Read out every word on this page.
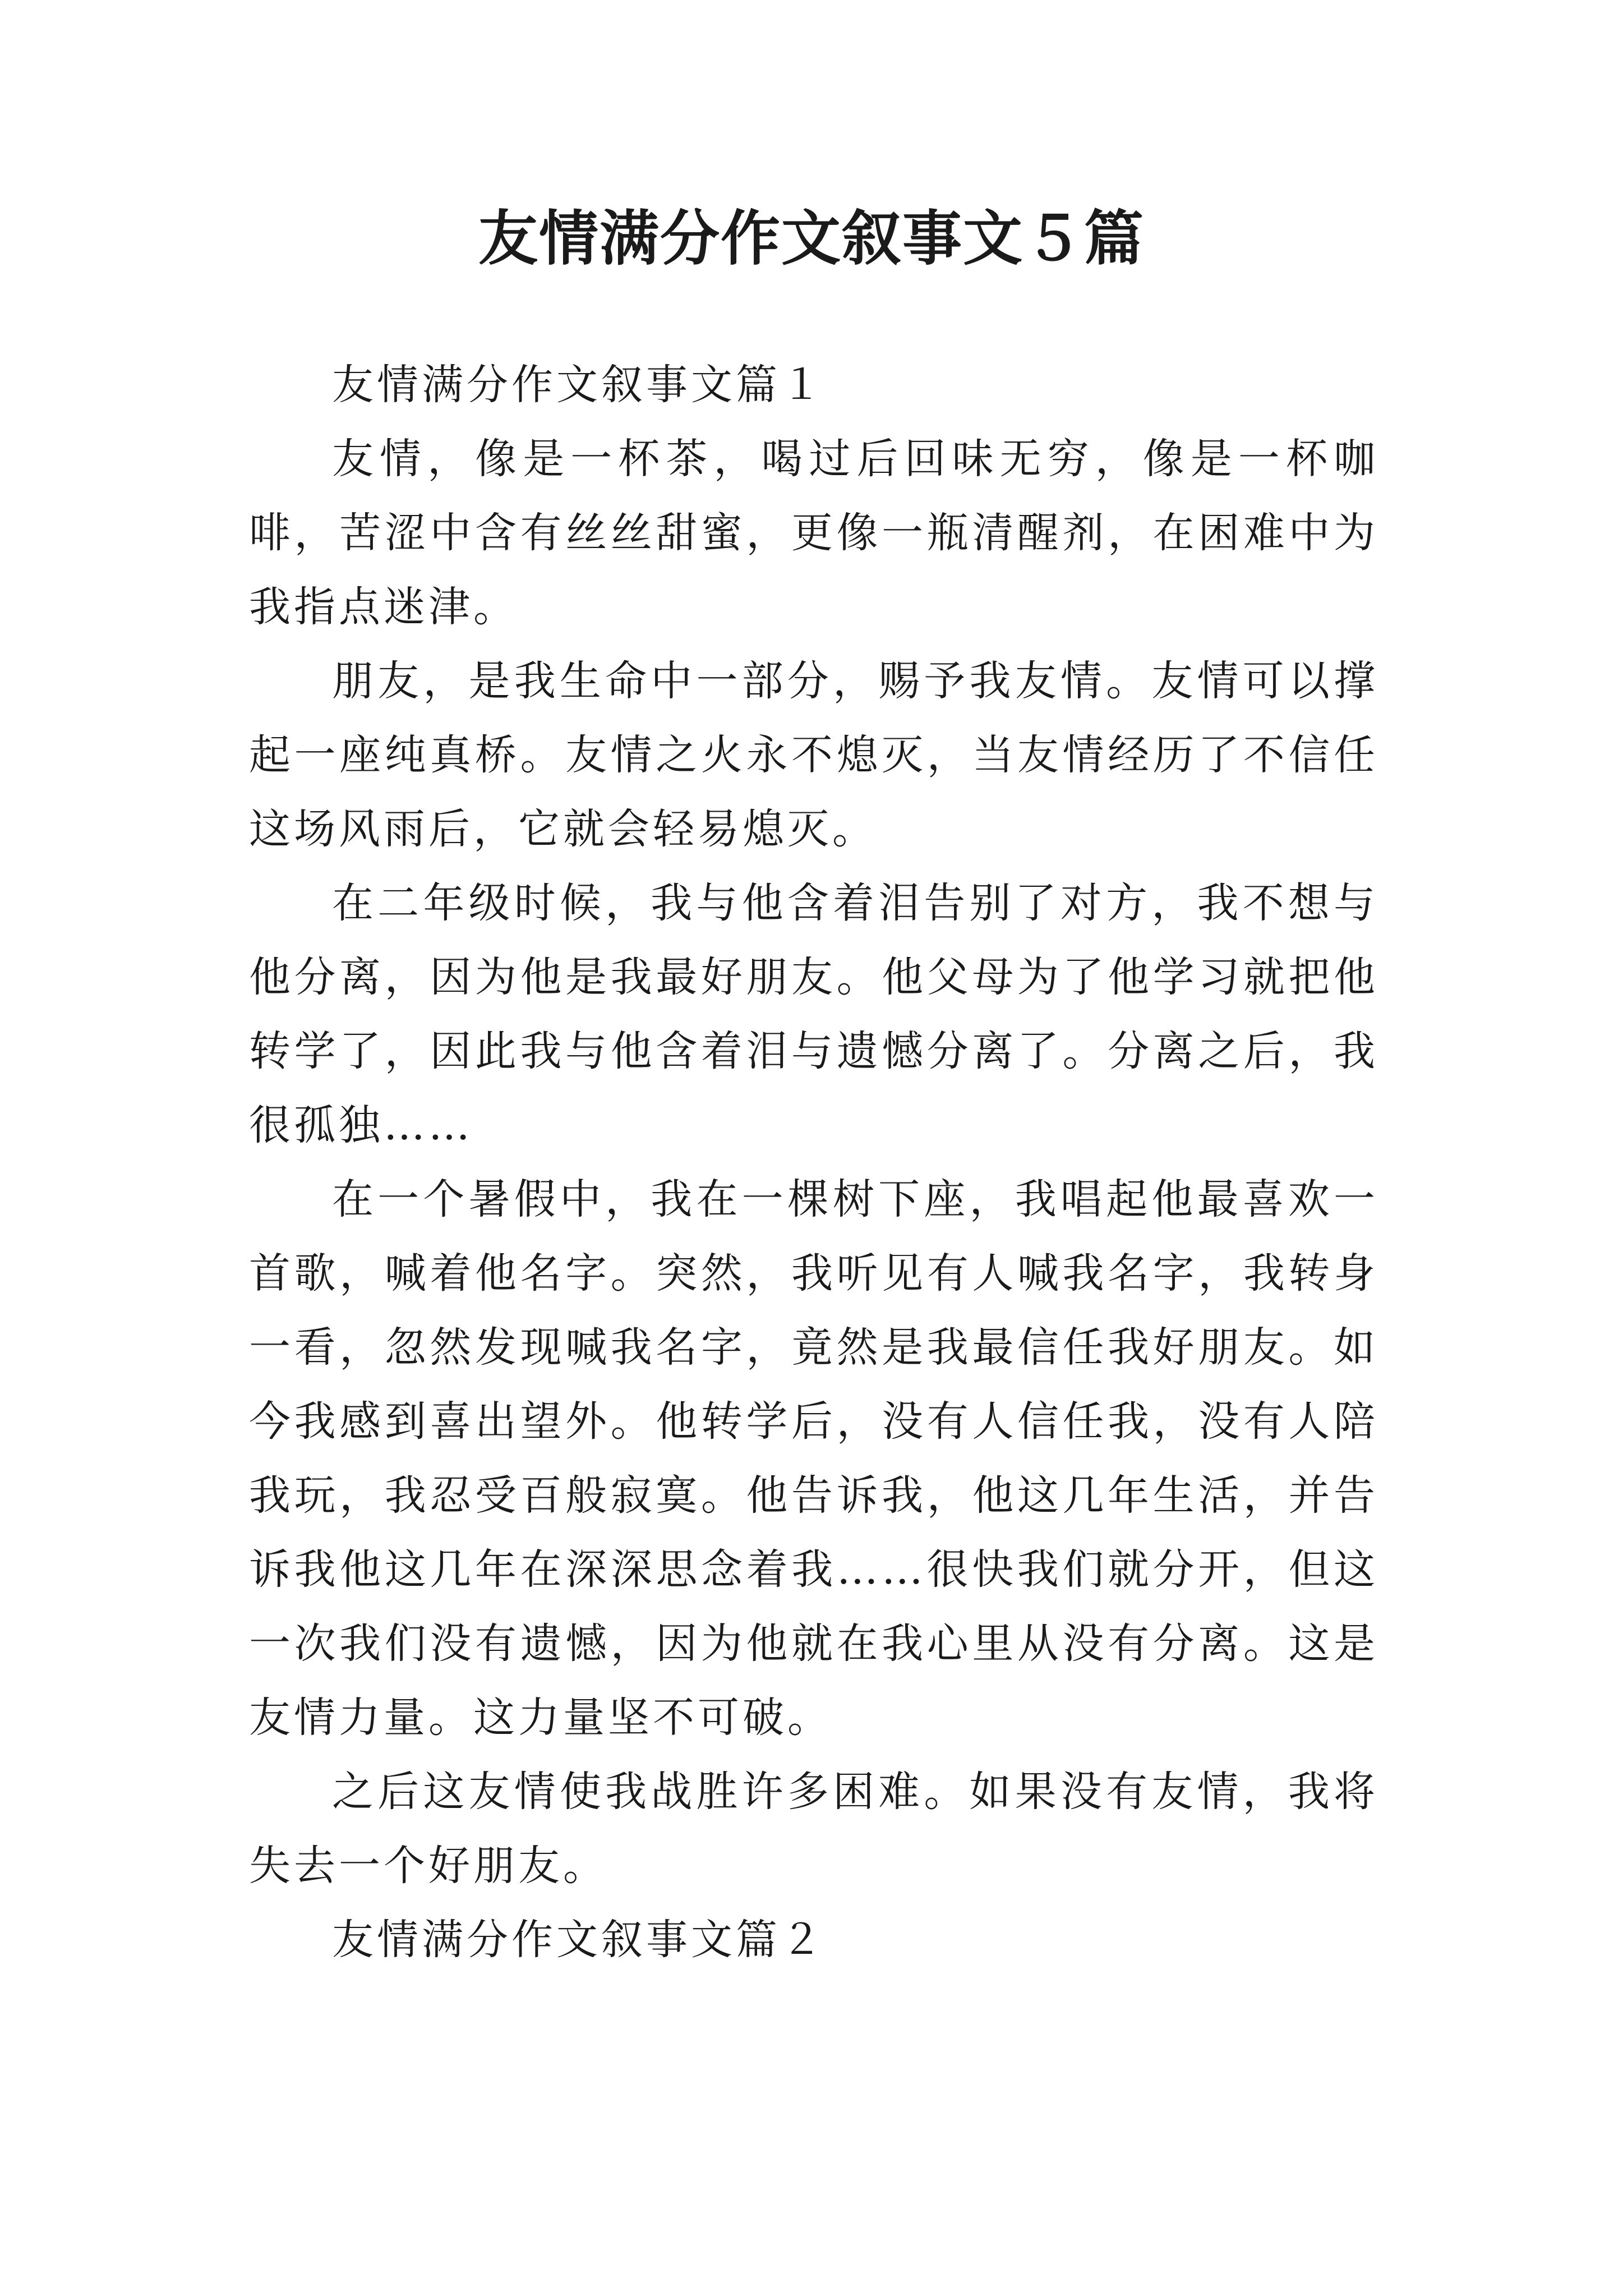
友情满分作文叙事文５篇

友情满分作文叙事文篇１

友情，像是一杯茶，喝过后回味无穷，像是一杯咖啡，苦涩中含有丝丝甜蜜，更像一瓶清醒剂，在困难中为我指点迷津。

朋友，是我生命中一部分，赐予我友情。友情可以撑起一座纯真桥。友情之火永不熄灭，当友情经历了不信任这场风雨后，它就会轻易熄灭。

在二年级时候，我与他含着泪告别了对方，我不想与他分离，因为他是我最好朋友。他父母为了他学习就把他转学了，因此我与他含着泪与遗憾分离了。分离之后，我很孤独……

在一个暑假中，我在一棵树下座，我唱起他最喜欢一首歌，喊着他名字。突然，我听见有人喊我名字，我转身一看，忽然发现喊我名字，竟然是我最信任我好朋友。如今我感到喜出望外。他转学后，没有人信任我，没有人陪我玩，我忍受百般寂寞。他告诉我，他这几年生活，并告诉我他这几年在深深思念着我……很快我们就分开，但这一次我们没有遗憾，因为他就在我心里从没有分离。这是友情力量。这力量坚不可破。

之后这友情使我战胜许多困难。如果没有友情，我将失去一个好朋友。

友情满分作文叙事文篇２
